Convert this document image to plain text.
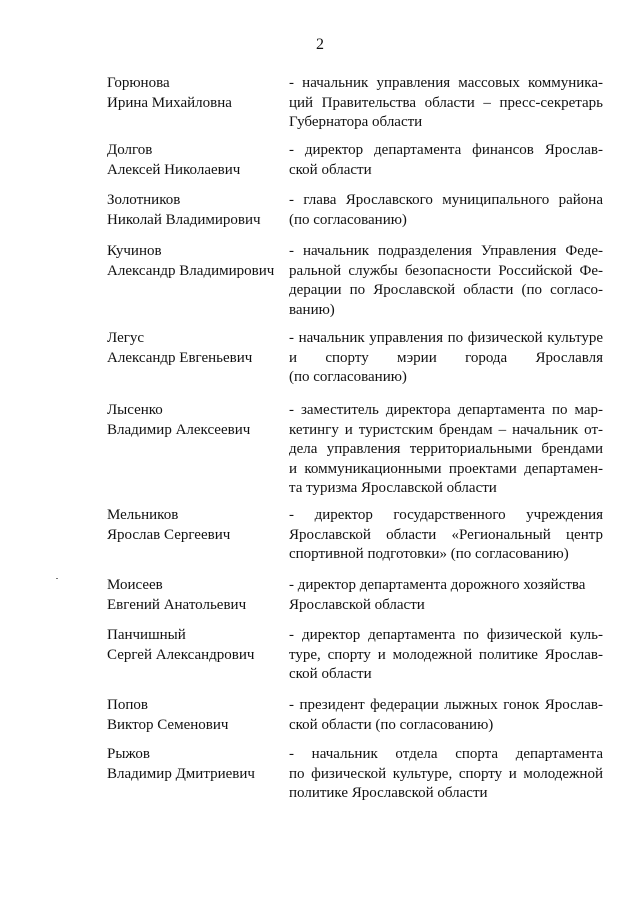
2
Горюнова
Ирина Михайловна
- начальник управления массовых коммуника-
ций Правительства области – пресс-секретарь
Губернатора области
Долгов
Алексей Николаевич
- директор департамента финансов Ярослав-
ской области
Золотников
Николай Владимирович
- глава Ярославского муниципального района
(по согласованию)
Кучинов
Александр Владимирович
- начальник подразделения Управления Феде-
ральной службы безопасности Российской Фе-
дерации по Ярославской области (по согласо-
ванию)
Легус
Александр Евгеньевич
- начальник управления по физической культуре
и спорту мэрии города Ярославля
(по согласованию)
Лысенко
Владимир Алексеевич
- заместитель директора департамента по мар-
кетингу и туристским брендам – начальник от-
дела управления территориальными брендами
и коммуникационными проектами департамен-
та туризма Ярославской области
Мельников
Ярослав Сергеевич
- директор государственного учреждения
Ярославской области «Региональный центр
спортивной подготовки» (по согласованию)
Моисеев
Евгений Анатольевич
- директор департамента дорожного хозяйства
Ярославской области
Панчишный
Сергей Александрович
- директор департамента по физической куль-
туре, спорту и молодежной политике Ярослав-
ской области
Попов
Виктор Семенович
- президент федерации лыжных гонок Ярослав-
ской области (по согласованию)
Рыжов
Владимир Дмитриевич
- начальник отдела спорта департамента
по физической культуре, спорту и молодежной
политике Ярославской области
